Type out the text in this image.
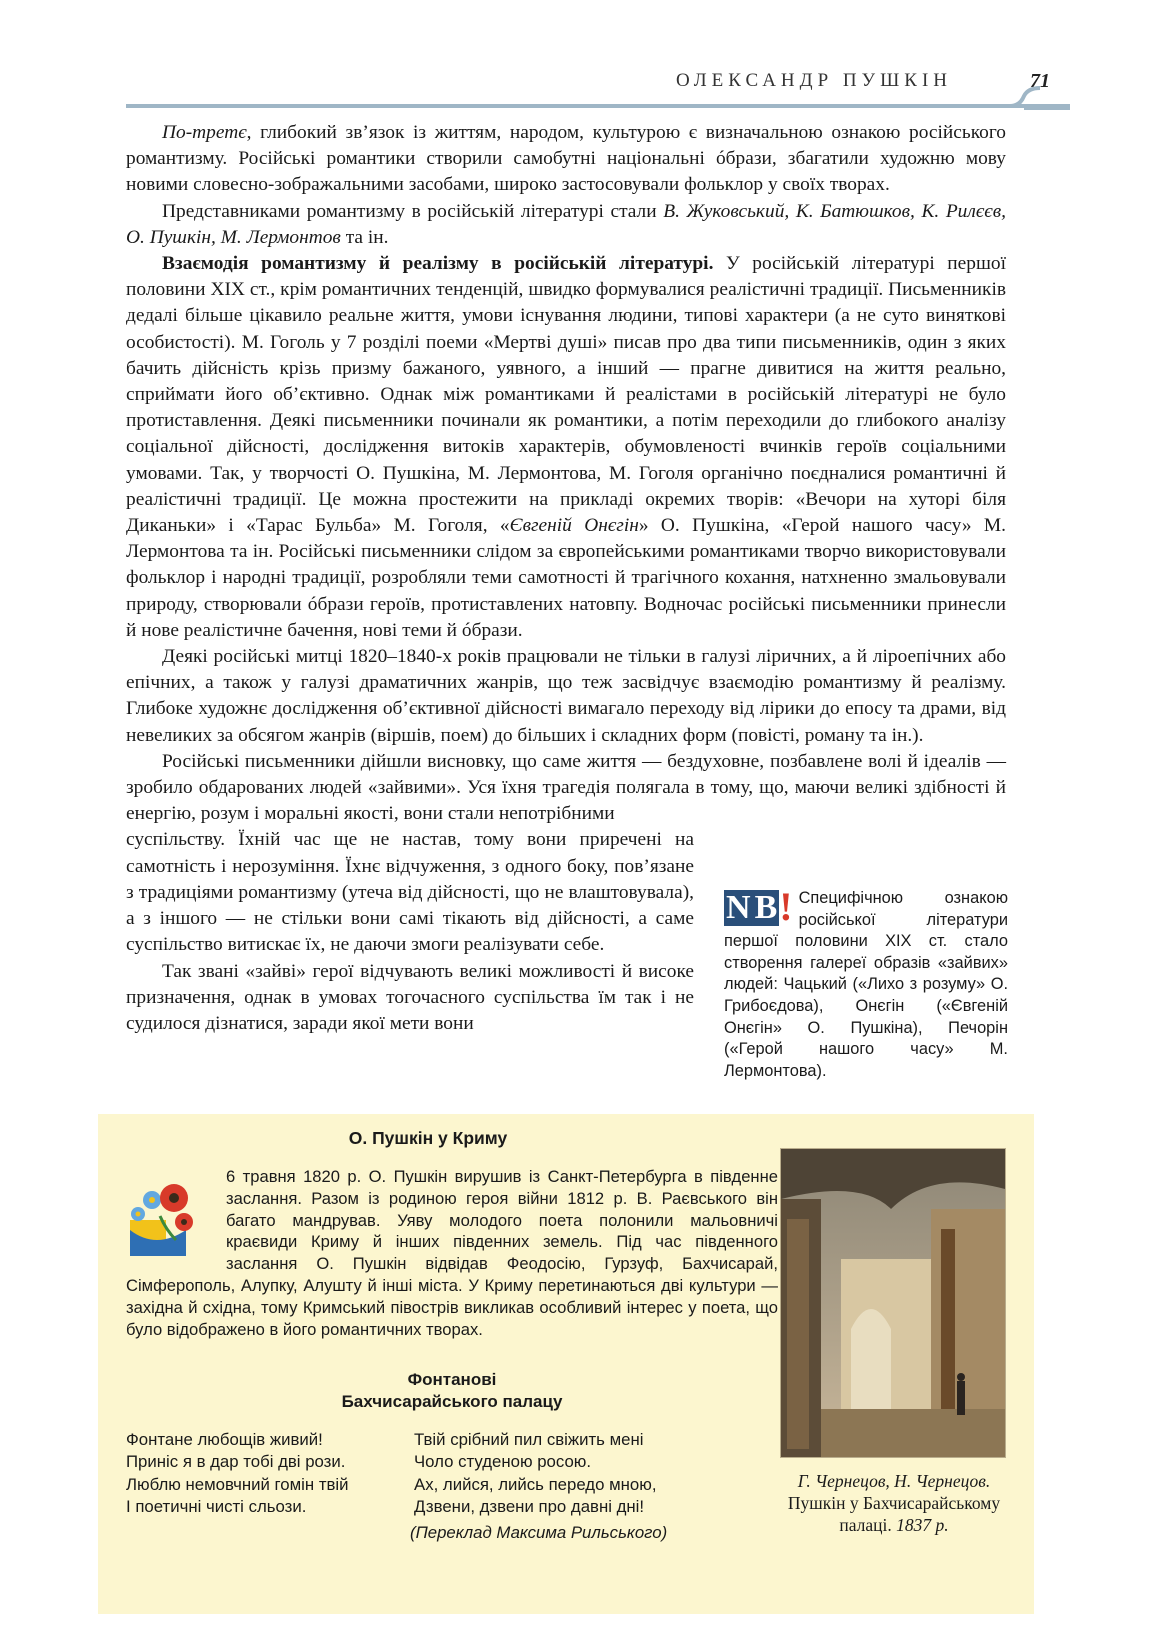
ОЛЕКСАНДР ПУШКІН	71

По-третє, глибокий зв’язок із життям, народом, культурою є визначальною ознакою російського романтизму. Російські романтики створили самобутні національні óбрази, збагатили художню мову новими словесно-зображальними засобами, широко застосовували фольклор у своїх творах.

Представниками романтизму в російській літературі стали В. Жуковський, К. Батюшков, К. Рилєєв, О. Пушкін, М. Лермонтов та ін.

Взаємодія романтизму й реалізму в російській літературі. У російській літературі першої половини XIX ст., крім романтичних тенденцій, швидко формувалися реалістичні традиції. Письменників дедалі більше цікавило реальне життя, умови існування людини, типові характери (а не суто виняткові особистості). М. Гоголь у 7 розділі поеми «Мертві душі» писав про два типи письменників, один з яких бачить дійсність крізь призму бажаного, уявного, а інший — прагне дивитися на життя реально, сприймати його об’єктивно. Однак між романтиками й реалістами в російській літературі не було протиставлення. Деякі письменники починали як романтики, а потім переходили до глибокого аналізу соціальної дійсності, дослідження витоків характерів, обумовленості вчинків героїв соціальними умовами. Так, у творчості О. Пушкіна, М. Лермонтова, М. Гоголя органічно поєдналися романтичні й реалістичні традиції. Це можна простежити на прикладі окремих творів: «Вечори на хуторі біля Диканьки» і «Тарас Бульба» М. Гоголя, «Євгеній Онєгін» О. Пушкіна, «Герой нашого часу» М. Лермонтова та ін. Російські письменники слідом за європейськими романтиками творчо використовували фольклор і народні традиції, розробляли теми самотності й трагічного кохання, натхненно змальовували природу, створювали óбрази героїв, протиставлених натовпу. Водночас російські письменники принесли й нове реалістичне бачення, нові теми й óбрази.

Деякі російські митці 1820–1840-х років працювали не тільки в галузі ліричних, а й ліроепічних або епічних, а також у галузі драматичних жанрів, що теж засвідчує взаємодію романтизму й реалізму. Глибоке художнє дослідження об’єктивної дійсності вимагало переходу від лірики до епосу та драми, від невеликих за обсягом жанрів (віршів, поем) до більших і складних форм (повісті, роману та ін.).

Російські письменники дійшли висновку, що саме життя — бездуховне, позбавлене волі й ідеалів — зробило обдарованих людей «зайвими». Уся їхня трагедія полягала в тому, що, маючи великі здібності й енергію, розум і моральні якості, вони стали непотрібними

суспільству. Їхній час ще не настав, тому вони приречені на самотність і нерозуміння. Їхнє відчуження, з одного боку, пов’язане з традиціями романтизму (утеча від дійсності, що не влаштовувала), а з іншого — не стільки вони самі тікають від дійсності, а саме суспільство витискає їх, не даючи змоги реалізувати себе.

Так звані «зайві» герої відчувають великі можливості й високе призначення, однак в умовах тогочасного суспільства їм так і не судилося дізнатися, заради якої мети вони

N B ! Специфічною ознакою російської літератури першої половини XIX ст. стало створення галереї образів «зайвих» людей: Чацький («Лихо з розуму» О. Грибоєдова), Онєгін («Євгеній Онєгін» О. Пушкіна), Печорін («Герой нашого часу» М. Лермонтова).
О. Пушкін у Криму
6 травня 1820 р. О. Пушкін вирушив із Санкт-Петербурга в південне заслання. Разом із родиною героя війни 1812 р. В. Раєвського він багато мандрував. Уяву молодого поета полонили мальовничі краєвиди Криму й інших південних земель. Під час південного заслання О. Пушкін відвідав Феодосію, Гурзуф, Бахчисарай, Сімферополь, Алупку, Алушту й інші міста. У Криму перетинаються дві культури — західна й східна, тому Кримський півострів викликав особливий інтерес у поета, що було відображено в його романтичних творах.
Фонтанові
Бахчисарайського палацу
Фонтане любощів живий!
Приніс я в дар тобі дві рози.
Люблю немовчний гомін твій
І поетичні чисті сльози.
Твій срібний пил свіжить мені
Чоло студеною росою.
Ах, лийся, лийсь передо мною,
Дзвени, дзвени про давні дні!
(Переклад Максима Рильського)
Г. Чернецов, Н. Чернецов.
Пушкін у Бахчисарайському палаці. 1837 р.
